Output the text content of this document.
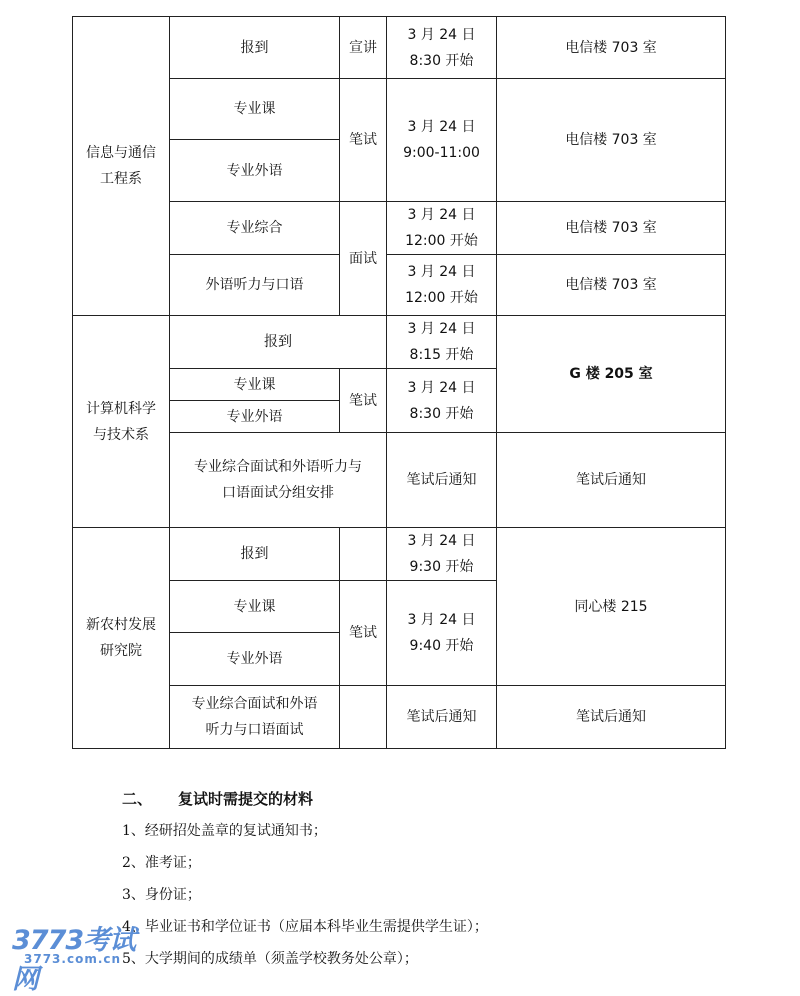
信息与通信工程系	报到	宣讲	3 月 24 日
8:30 开始	电信楼 703 室
	专业课	笔试	3 月 24 日
9:00-11:00	电信楼 703 室
	专业外语			
	专业综合	面试	3 月 24 日
12:00 开始	电信楼 703 室
	外语听力与口语		3 月 24 日
12:00 开始	电信楼 703 室

计算机科学与技术系	报到		3 月 24 日
8:15 开始	G 楼 205 室
	专业课	笔试	3 月 24 日
8:30 开始	

	专业外语			

	专业综合面试和外语听力与
口语面试分组安排		笔试后通知	笔试后通知

新农村发展研究院	报到		3 月 24 日
9:30 开始	同心楼 215
	专业课	笔试	3 月 24 日
9:40 开始	

	专业外语			

	专业综合面试和外语
听力与口语面试		笔试后通知	笔试后通知
二、 复试时需提交的材料
1、经研招处盖章的复试通知书；
2、准考证；
3、身份证；
4、毕业证书和学位证书（应届本科毕业生需提供学生证）；
5、大学期间的成绩单（须盖学校教务处公章）；
3773考试网
3773.com.cn
